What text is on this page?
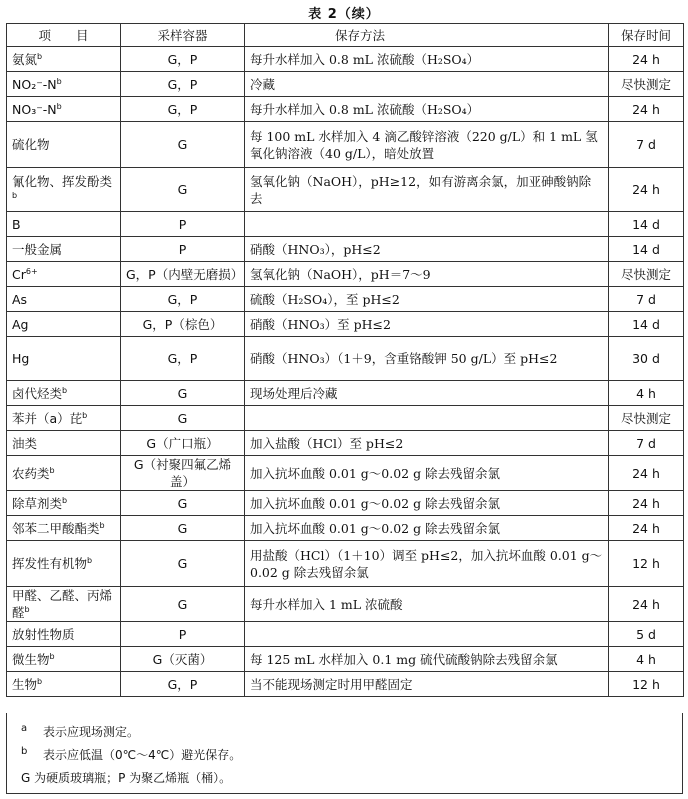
表 2（续）
项　　目	采样容器	保存方法	保存时间
氨氮$^b$	G，P	每升水样加入 0.8 mL 浓硫酸（H₂SO₄）	24 h
$NO_2^--N^b$	G，P	冷藏	尽快测定
$NO_3^--N^b$	G，P	每升水样加入 0.8 mL 浓硫酸（H₂SO₄）	24 h
硫化物	G	每 100 mL 水样加入 4 滴乙酸锌溶液（220 g/L）和 1 mL 氢氧化钠溶液（40 g/L），暗处放置	7 d
氰化物、挥发酚类$^b$	G	氢氧化钠（NaOH），pH≥12，如有游离余氯，加亚砷酸钠除去	24 h
B	P		14 d
一般金属	P	硝酸（HNO₃），pH≤2	14 d
$Cr^{6+}$	G，P（内壁无磨损）	氢氧化钠（NaOH），pH＝7～9	尽快测定
As	G，P	硫酸（H₂SO₄），至 pH≤2	7 d
Ag	G，P（棕色）	硝酸（HNO₃）至 pH≤2	14 d
Hg	G，P	硝酸（HNO₃）（1＋9，含重铬酸钾 50 g/L）至 pH≤2	30 d
卤代烃类$^b$	G	现场处理后冷藏	4 h
苯并（a）芘$^b$	G		尽快测定
油类	G（广口瓶）	加入盐酸（HCl）至 pH≤2	7 d
农药类$^b$	G（衬聚四氟乙烯盖）	加入抗坏血酸 0.01 g～0.02 g 除去残留余氯	24 h
除草剂类$^b$	G	加入抗坏血酸 0.01 g～0.02 g 除去残留余氯	24 h
邻苯二甲酸酯类$^b$	G	加入抗坏血酸 0.01 g～0.02 g 除去残留余氯	24 h
挥发性有机物$^b$	G	用盐酸（HCl）（1＋10）调至 pH≤2，加入抗坏血酸 0.01 g～0.02 g 除去残留余氯	12 h
甲醛、乙醛、丙烯醛$^b$	G	每升水样加入 1 mL 浓硫酸	24 h
放射性物质	P		5 d
微生物$^b$	G（灭菌）	每 125 mL 水样加入 0.1 mg 硫代硫酸钠除去残留余氯	4 h
生物$^b$	G，P	当不能现场测定时用甲醛固定	12 h
a 表示应现场测定。
b 表示应低温（0℃～4℃）避光保存。
G 为硬质玻璃瓶；P 为聚乙烯瓶（桶）。
